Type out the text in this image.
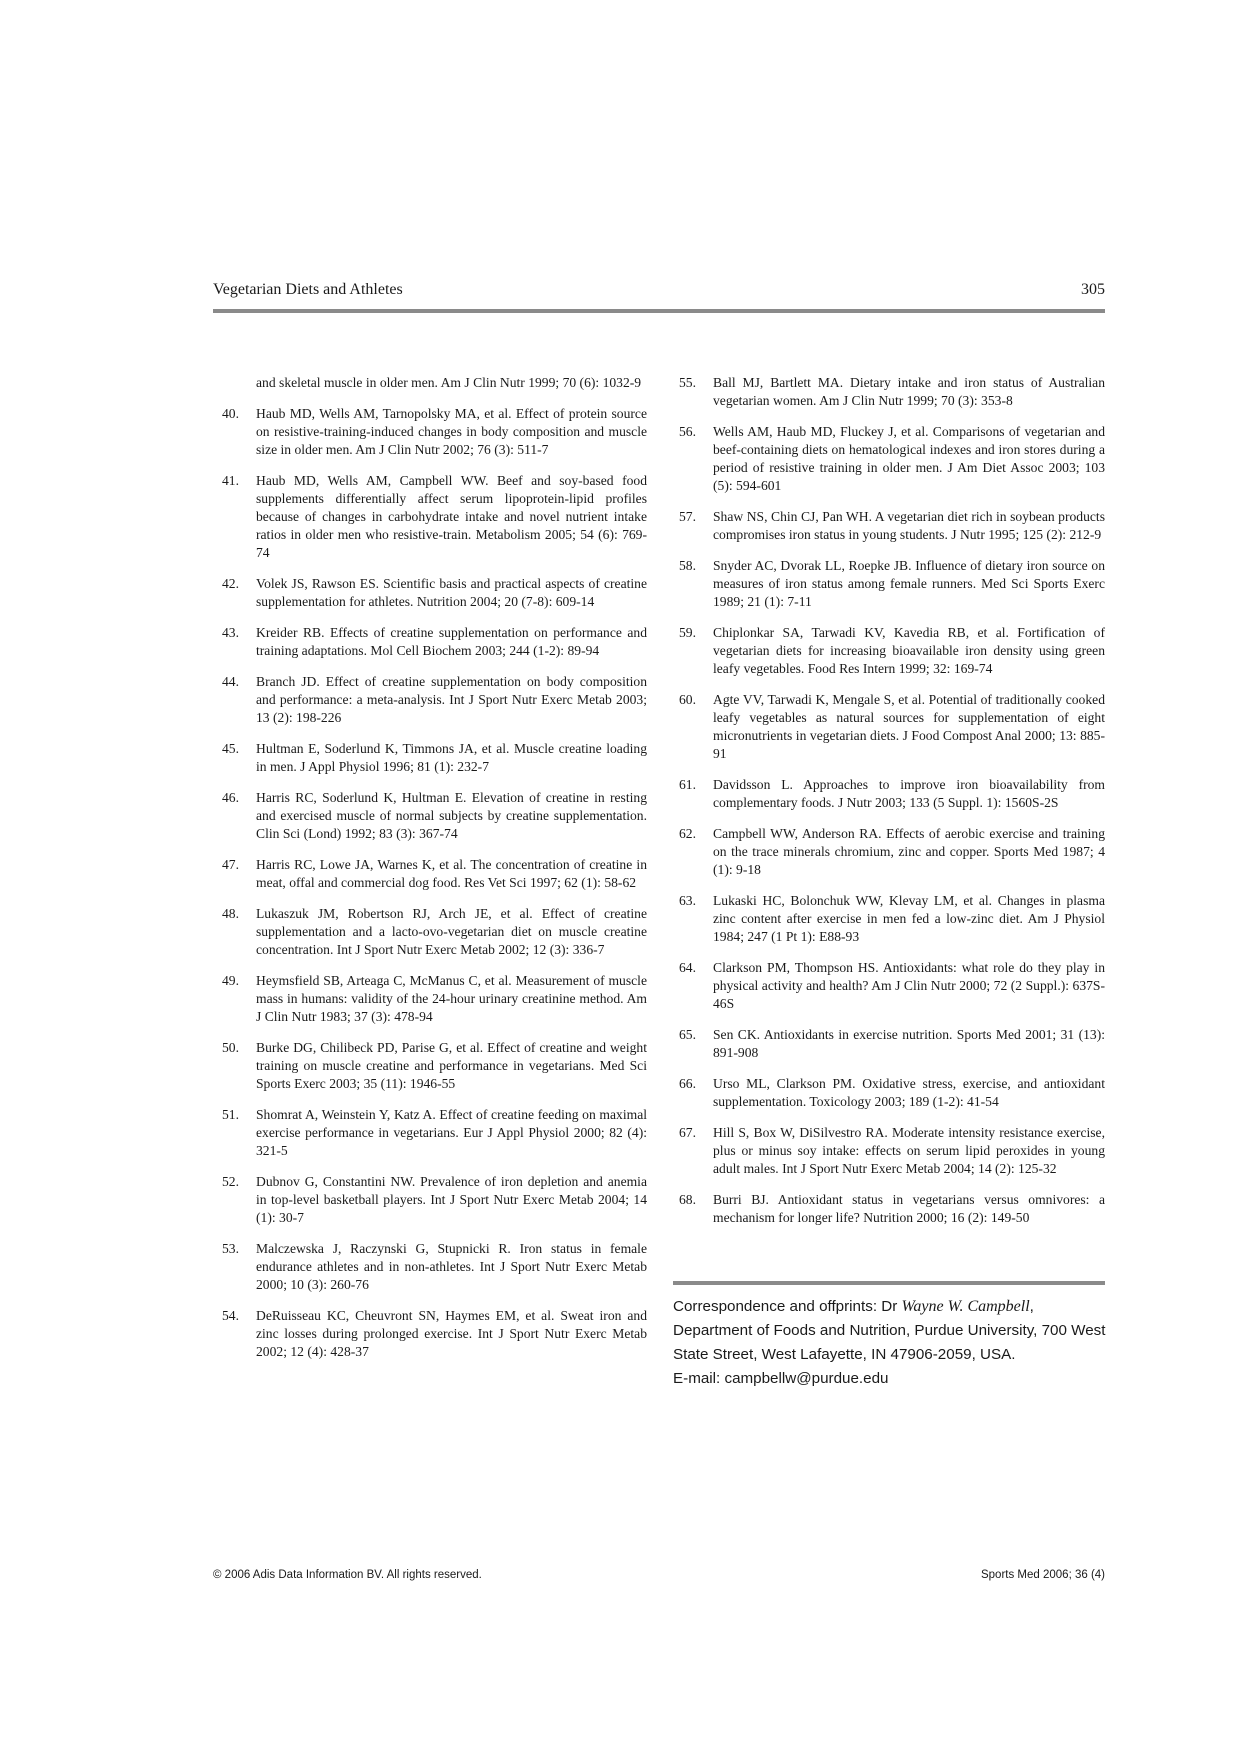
Vegetarian Diets and Athletes	305
and skeletal muscle in older men. Am J Clin Nutr 1999; 70 (6): 1032-9
40. Haub MD, Wells AM, Tarnopolsky MA, et al. Effect of protein source on resistive-training-induced changes in body composition and muscle size in older men. Am J Clin Nutr 2002; 76 (3): 511-7
41. Haub MD, Wells AM, Campbell WW. Beef and soy-based food supplements differentially affect serum lipoprotein-lipid profiles because of changes in carbohydrate intake and novel nutrient intake ratios in older men who resistive-train. Metabolism 2005; 54 (6): 769-74
42. Volek JS, Rawson ES. Scientific basis and practical aspects of creatine supplementation for athletes. Nutrition 2004; 20 (7-8): 609-14
43. Kreider RB. Effects of creatine supplementation on performance and training adaptations. Mol Cell Biochem 2003; 244 (1-2): 89-94
44. Branch JD. Effect of creatine supplementation on body composition and performance: a meta-analysis. Int J Sport Nutr Exerc Metab 2003; 13 (2): 198-226
45. Hultman E, Soderlund K, Timmons JA, et al. Muscle creatine loading in men. J Appl Physiol 1996; 81 (1): 232-7
46. Harris RC, Soderlund K, Hultman E. Elevation of creatine in resting and exercised muscle of normal subjects by creatine supplementation. Clin Sci (Lond) 1992; 83 (3): 367-74
47. Harris RC, Lowe JA, Warnes K, et al. The concentration of creatine in meat, offal and commercial dog food. Res Vet Sci 1997; 62 (1): 58-62
48. Lukaszuk JM, Robertson RJ, Arch JE, et al. Effect of creatine supplementation and a lacto-ovo-vegetarian diet on muscle creatine concentration. Int J Sport Nutr Exerc Metab 2002; 12 (3): 336-7
49. Heymsfield SB, Arteaga C, McManus C, et al. Measurement of muscle mass in humans: validity of the 24-hour urinary creatinine method. Am J Clin Nutr 1983; 37 (3): 478-94
50. Burke DG, Chilibeck PD, Parise G, et al. Effect of creatine and weight training on muscle creatine and performance in vegetarians. Med Sci Sports Exerc 2003; 35 (11): 1946-55
51. Shomrat A, Weinstein Y, Katz A. Effect of creatine feeding on maximal exercise performance in vegetarians. Eur J Appl Physiol 2000; 82 (4): 321-5
52. Dubnov G, Constantini NW. Prevalence of iron depletion and anemia in top-level basketball players. Int J Sport Nutr Exerc Metab 2004; 14 (1): 30-7
53. Malczewska J, Raczynski G, Stupnicki R. Iron status in female endurance athletes and in non-athletes. Int J Sport Nutr Exerc Metab 2000; 10 (3): 260-76
54. DeRuisseau KC, Cheuvront SN, Haymes EM, et al. Sweat iron and zinc losses during prolonged exercise. Int J Sport Nutr Exerc Metab 2002; 12 (4): 428-37
55. Ball MJ, Bartlett MA. Dietary intake and iron status of Australian vegetarian women. Am J Clin Nutr 1999; 70 (3): 353-8
56. Wells AM, Haub MD, Fluckey J, et al. Comparisons of vegetarian and beef-containing diets on hematological indexes and iron stores during a period of resistive training in older men. J Am Diet Assoc 2003; 103 (5): 594-601
57. Shaw NS, Chin CJ, Pan WH. A vegetarian diet rich in soybean products compromises iron status in young students. J Nutr 1995; 125 (2): 212-9
58. Snyder AC, Dvorak LL, Roepke JB. Influence of dietary iron source on measures of iron status among female runners. Med Sci Sports Exerc 1989; 21 (1): 7-11
59. Chiplonkar SA, Tarwadi KV, Kavedia RB, et al. Fortification of vegetarian diets for increasing bioavailable iron density using green leafy vegetables. Food Res Intern 1999; 32: 169-74
60. Agte VV, Tarwadi K, Mengale S, et al. Potential of traditionally cooked leafy vegetables as natural sources for supplementation of eight micronutrients in vegetarian diets. J Food Compost Anal 2000; 13: 885-91
61. Davidsson L. Approaches to improve iron bioavailability from complementary foods. J Nutr 2003; 133 (5 Suppl. 1): 1560S-2S
62. Campbell WW, Anderson RA. Effects of aerobic exercise and training on the trace minerals chromium, zinc and copper. Sports Med 1987; 4 (1): 9-18
63. Lukaski HC, Bolonchuk WW, Klevay LM, et al. Changes in plasma zinc content after exercise in men fed a low-zinc diet. Am J Physiol 1984; 247 (1 Pt 1): E88-93
64. Clarkson PM, Thompson HS. Antioxidants: what role do they play in physical activity and health? Am J Clin Nutr 2000; 72 (2 Suppl.): 637S-46S
65. Sen CK. Antioxidants in exercise nutrition. Sports Med 2001; 31 (13): 891-908
66. Urso ML, Clarkson PM. Oxidative stress, exercise, and antioxidant supplementation. Toxicology 2003; 189 (1-2): 41-54
67. Hill S, Box W, DiSilvestro RA. Moderate intensity resistance exercise, plus or minus soy intake: effects on serum lipid peroxides in young adult males. Int J Sport Nutr Exerc Metab 2004; 14 (2): 125-32
68. Burri BJ. Antioxidant status in vegetarians versus omnivores: a mechanism for longer life? Nutrition 2000; 16 (2): 149-50
Correspondence and offprints: Dr Wayne W. Campbell, Department of Foods and Nutrition, Purdue University, 700 West State Street, West Lafayette, IN 47906-2059, USA.
E-mail: campbellw@purdue.edu
© 2006 Adis Data Information BV. All rights reserved.	Sports Med 2006; 36 (4)
